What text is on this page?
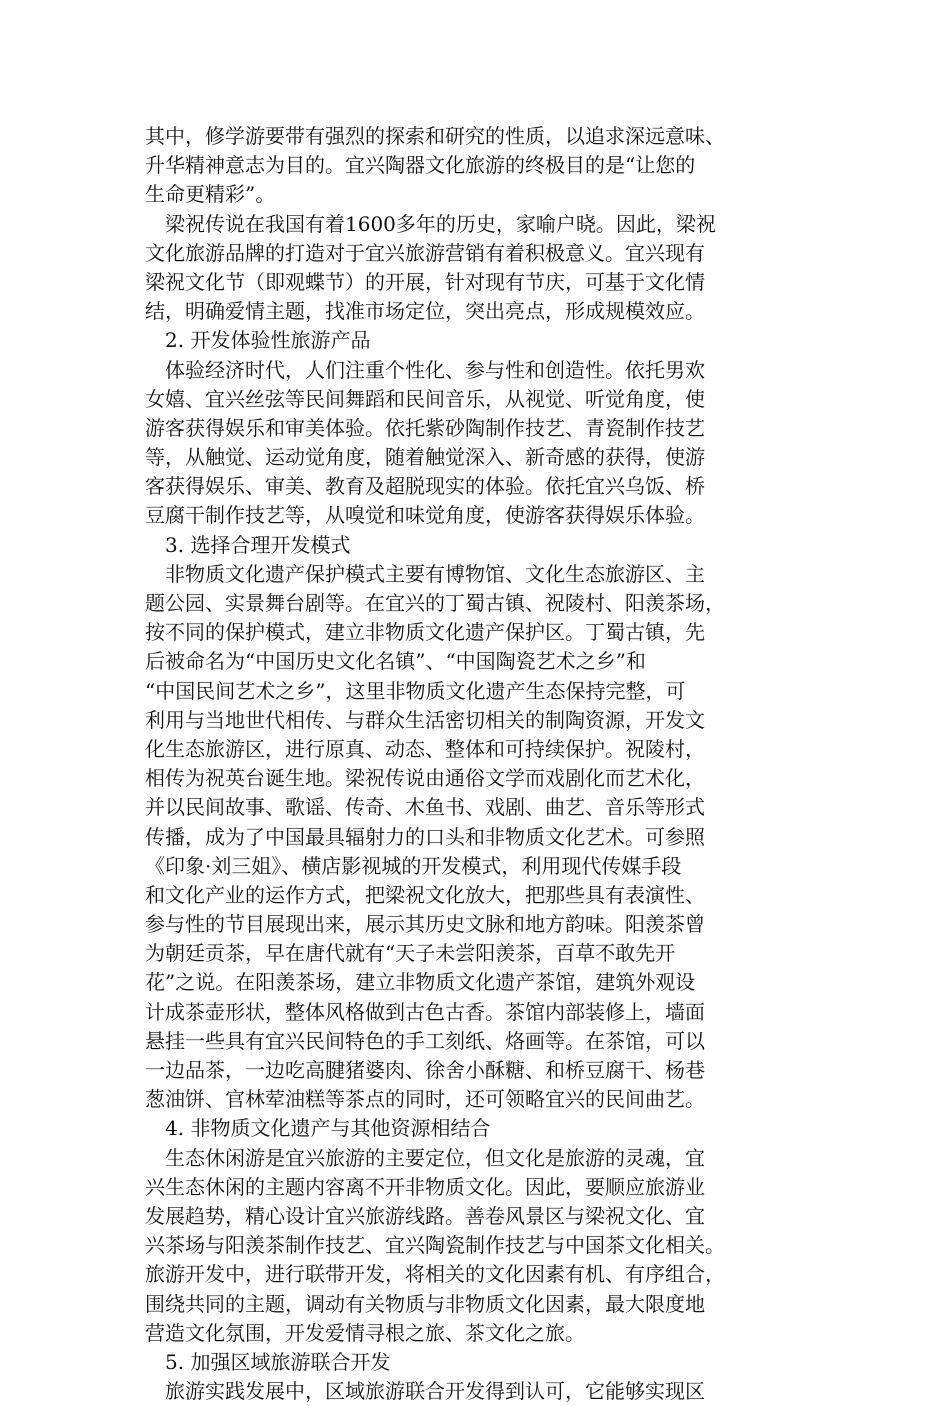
其中，修学游要带有强烈的探索和研究的性质，以追求深远意味、
升华精神意志为目的。宜兴陶器文化旅游的终极目的是“让您的
生命更精彩”。
梁祝传说在我国有着1600多年的历史，家喻户晓。因此，梁祝
文化旅游品牌的打造对于宜兴旅游营销有着积极意义。宜兴现有
梁祝文化节（即观蝶节）的开展，针对现有节庆，可基于文化情
结，明确爱情主题，找准市场定位，突出亮点，形成规模效应。
2. 开发体验性旅游产品
体验经济时代，人们注重个性化、参与性和创造性。依托男欢
女嬉、宜兴丝弦等民间舞蹈和民间音乐，从视觉、听觉角度，使
游客获得娱乐和审美体验。依托紫砂陶制作技艺、青瓷制作技艺
等，从触觉、运动觉角度，随着触觉深入、新奇感的获得，使游
客获得娱乐、审美、教育及超脱现实的体验。依托宜兴乌饭、桥
豆腐干制作技艺等，从嗅觉和味觉角度，使游客获得娱乐体验。
3. 选择合理开发模式
非物质文化遗产保护模式主要有博物馆、文化生态旅游区、主
题公园、实景舞台剧等。在宜兴的丁蜀古镇、祝陵村、阳羡茶场，
按不同的保护模式，建立非物质文化遗产保护区。丁蜀古镇，先
后被命名为“中国历史文化名镇”、“中国陶瓷艺术之乡”和
“中国民间艺术之乡”，这里非物质文化遗产生态保持完整，可
利用与当地世代相传、与群众生活密切相关的制陶资源，开发文
化生态旅游区，进行原真、动态、整体和可持续保护。祝陵村，
相传为祝英台诞生地。梁祝传说由通俗文学而戏剧化而艺术化，
并以民间故事、歌谣、传奇、木鱼书、戏剧、曲艺、音乐等形式
传播，成为了中国最具辐射力的口头和非物质文化艺术。可参照
《印象·刘三姐》、横店影视城的开发模式，利用现代传媒手段
和文化产业的运作方式，把梁祝文化放大，把那些具有表演性、
参与性的节目展现出来，展示其历史文脉和地方韵味。阳羡茶曾
为朝廷贡茶，早在唐代就有“天子未尝阳羡茶，百草不敢先开
花”之说。在阳羡茶场，建立非物质文化遗产茶馆，建筑外观设
计成茶壶形状，整体风格做到古色古香。茶馆内部装修上，墙面
悬挂一些具有宜兴民间特色的手工刻纸、烙画等。在茶馆，可以
一边品茶，一边吃高腱猪婆肉、徐舍小酥糖、和桥豆腐干、杨巷
葱油饼、官林荤油糕等茶点的同时，还可领略宜兴的民间曲艺。
4. 非物质文化遗产与其他资源相结合
生态休闲游是宜兴旅游的主要定位，但文化是旅游的灵魂，宜
兴生态休闲的主题内容离不开非物质文化。因此，要顺应旅游业
发展趋势，精心设计宜兴旅游线路。善卷风景区与梁祝文化、宜
兴茶场与阳羡茶制作技艺、宜兴陶瓷制作技艺与中国茶文化相关。
旅游开发中，进行联带开发，将相关的文化因素有机、有序组合，
围绕共同的主题，调动有关物质与非物质文化因素，最大限度地
营造文化氛围，开发爱情寻根之旅、茶文化之旅。
5. 加强区域旅游联合开发
旅游实践发展中，区域旅游联合开发得到认可，它能够实现区
